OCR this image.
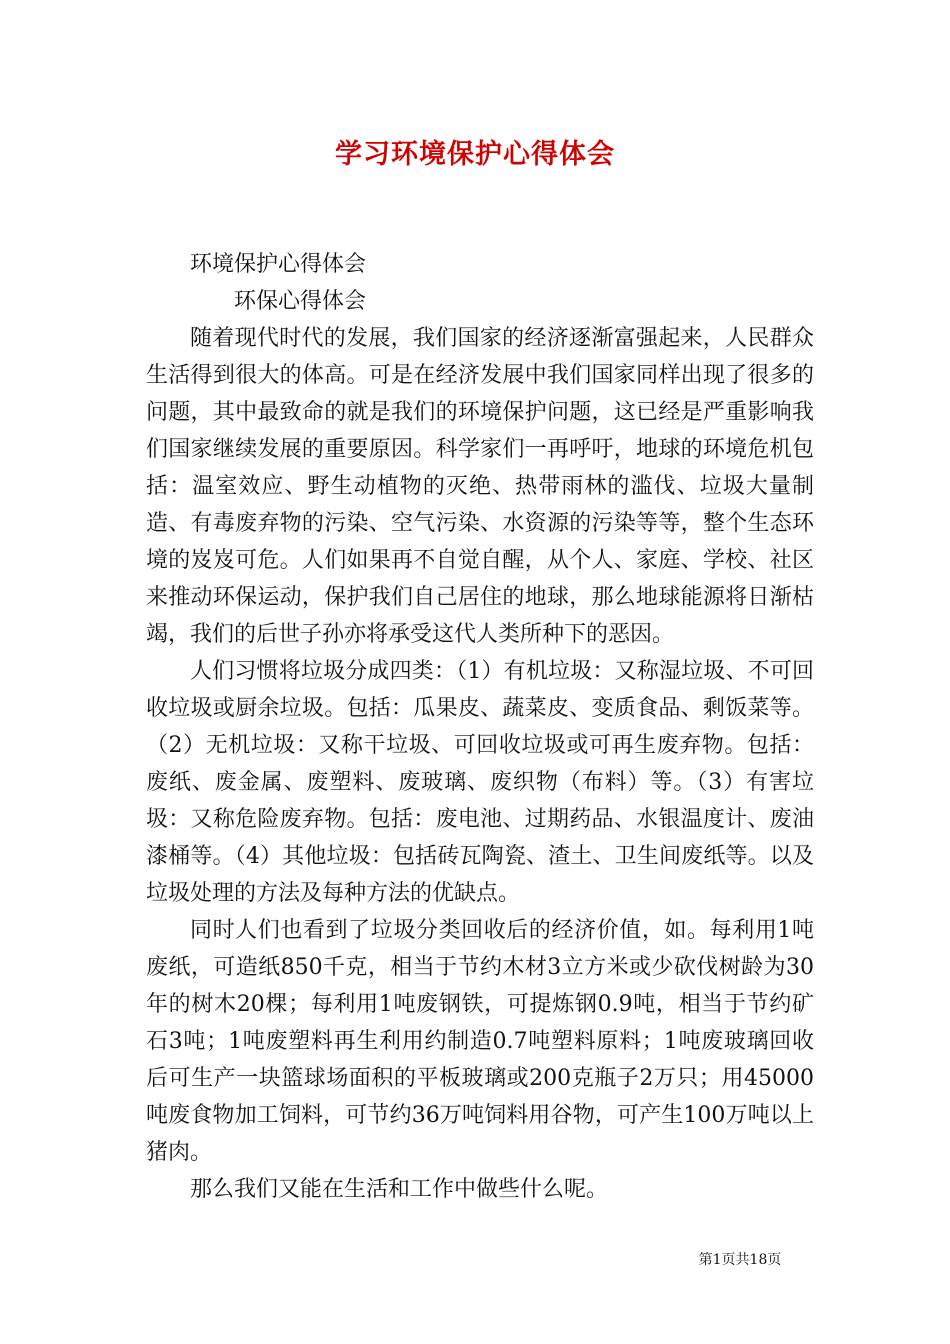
学习环境保护心得体会
环境保护心得体会
环保心得体会

随着现代时代的发展，我们国家的经济逐渐富强起来，人民群众生活得到很大的体高。可是在经济发展中我们国家同样出现了很多的问题，其中最致命的就是我们的环境保护问题，这已经是严重影响我们国家继续发展的重要原因。科学家们一再呼吁，地球的环境危机包括：温室效应、野生动植物的灭绝、热带雨林的滥伐、垃圾大量制造、有毒废弃物的污染、空气污染、水资源的污染等等，整个生态环境的岌岌可危。人们如果再不自觉自醒，从个人、家庭、学校、社区来推动环保运动，保护我们自己居住的地球，那么地球能源将日渐枯竭，我们的后世子孙亦将承受这代人类所种下的恶因。

人们习惯将垃圾分成四类：（1）有机垃圾：又称湿垃圾、不可回收垃圾或厨余垃圾。包括：瓜果皮、蔬菜皮、变质食品、剩饭菜等。（2）无机垃圾：又称干垃圾、可回收垃圾或可再生废弃物。包括：废纸、废金属、废塑料、废玻璃、废织物（布料）等。（3）有害垃圾：又称危险废弃物。包括：废电池、过期药品、水银温度计、废油漆桶等。（4）其他垃圾：包括砖瓦陶瓷、渣土、卫生间废纸等。以及垃圾处理的方法及每种方法的优缺点。

同时人们也看到了垃圾分类回收后的经济价值，如。每利用1吨废纸，可造纸850千克，相当于节约木材3立方米或少砍伐树龄为30年的树木20棵；每利用1吨废钢铁，可提炼钢0.9吨，相当于节约矿石3吨；1吨废塑料再生利用约制造0.7吨塑料原料；1吨废玻璃回收后可生产一块篮球场面积的平板玻璃或200克瓶子2万只；用45000吨废食物加工饲料，可节约36万吨饲料用谷物，可产生100万吨以上猪肉。

那么我们又能在生活和工作中做些什么呢。

第1页共18页
